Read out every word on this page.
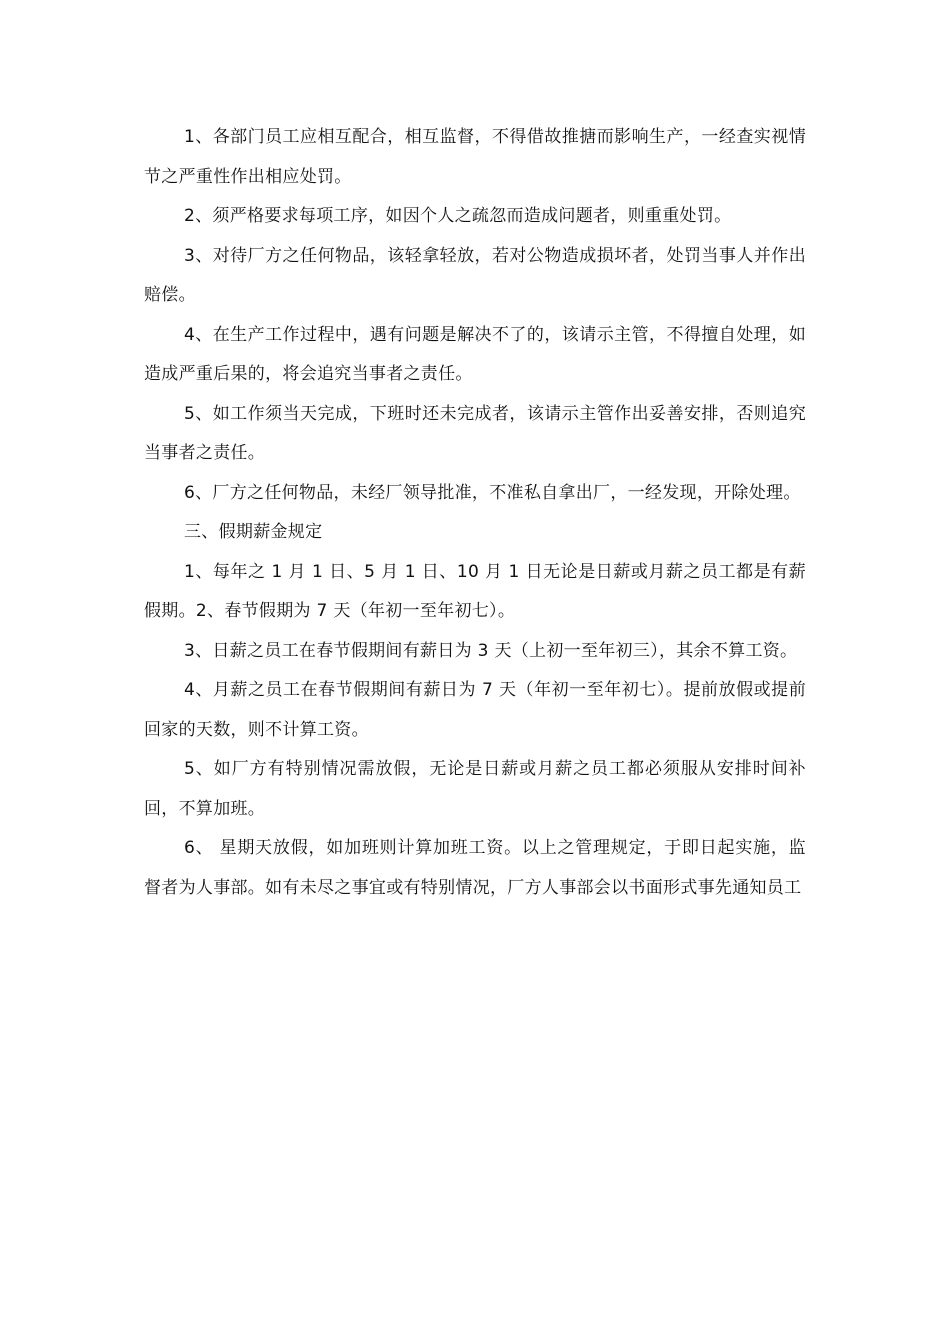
1、各部门员工应相互配合，相互监督，不得借故推搪而影响生产，一经查实视情节之严重性作出相应处罚。

2、须严格要求每项工序，如因个人之疏忽而造成问题者，则重重处罚。

3、对待厂方之任何物品，该轻拿轻放，若对公物造成损坏者，处罚当事人并作出赔偿。

4、在生产工作过程中，遇有问题是解决不了的，该请示主管，不得擅自处理，如造成严重后果的，将会追究当事者之责任。

5、如工作须当天完成，下班时还未完成者，该请示主管作出妥善安排，否则追究当事者之责任。

6、厂方之任何物品，未经厂领导批准，不准私自拿出厂，一经发现，开除处理。

三、假期薪金规定

1、每年之 1 月 1 日、5 月 1 日、10 月 1 日无论是日薪或月薪之员工都是有薪假期。2、春节假期为 7 天（年初一至年初七）。

3、日薪之员工在春节假期间有薪日为 3 天（上初一至年初三），其余不算工资。

4、月薪之员工在春节假期间有薪日为 7 天（年初一至年初七）。提前放假或提前回家的天数，则不计算工资。

5、如厂方有特别情况需放假，无论是日薪或月薪之员工都必须服从安排时间补回，不算加班。

6、 星期天放假，如加班则计算加班工资。以上之管理规定，于即日起实施，监督者为人事部。如有未尽之事宜或有特别情况，厂方人事部会以书面形式事先通知员工
